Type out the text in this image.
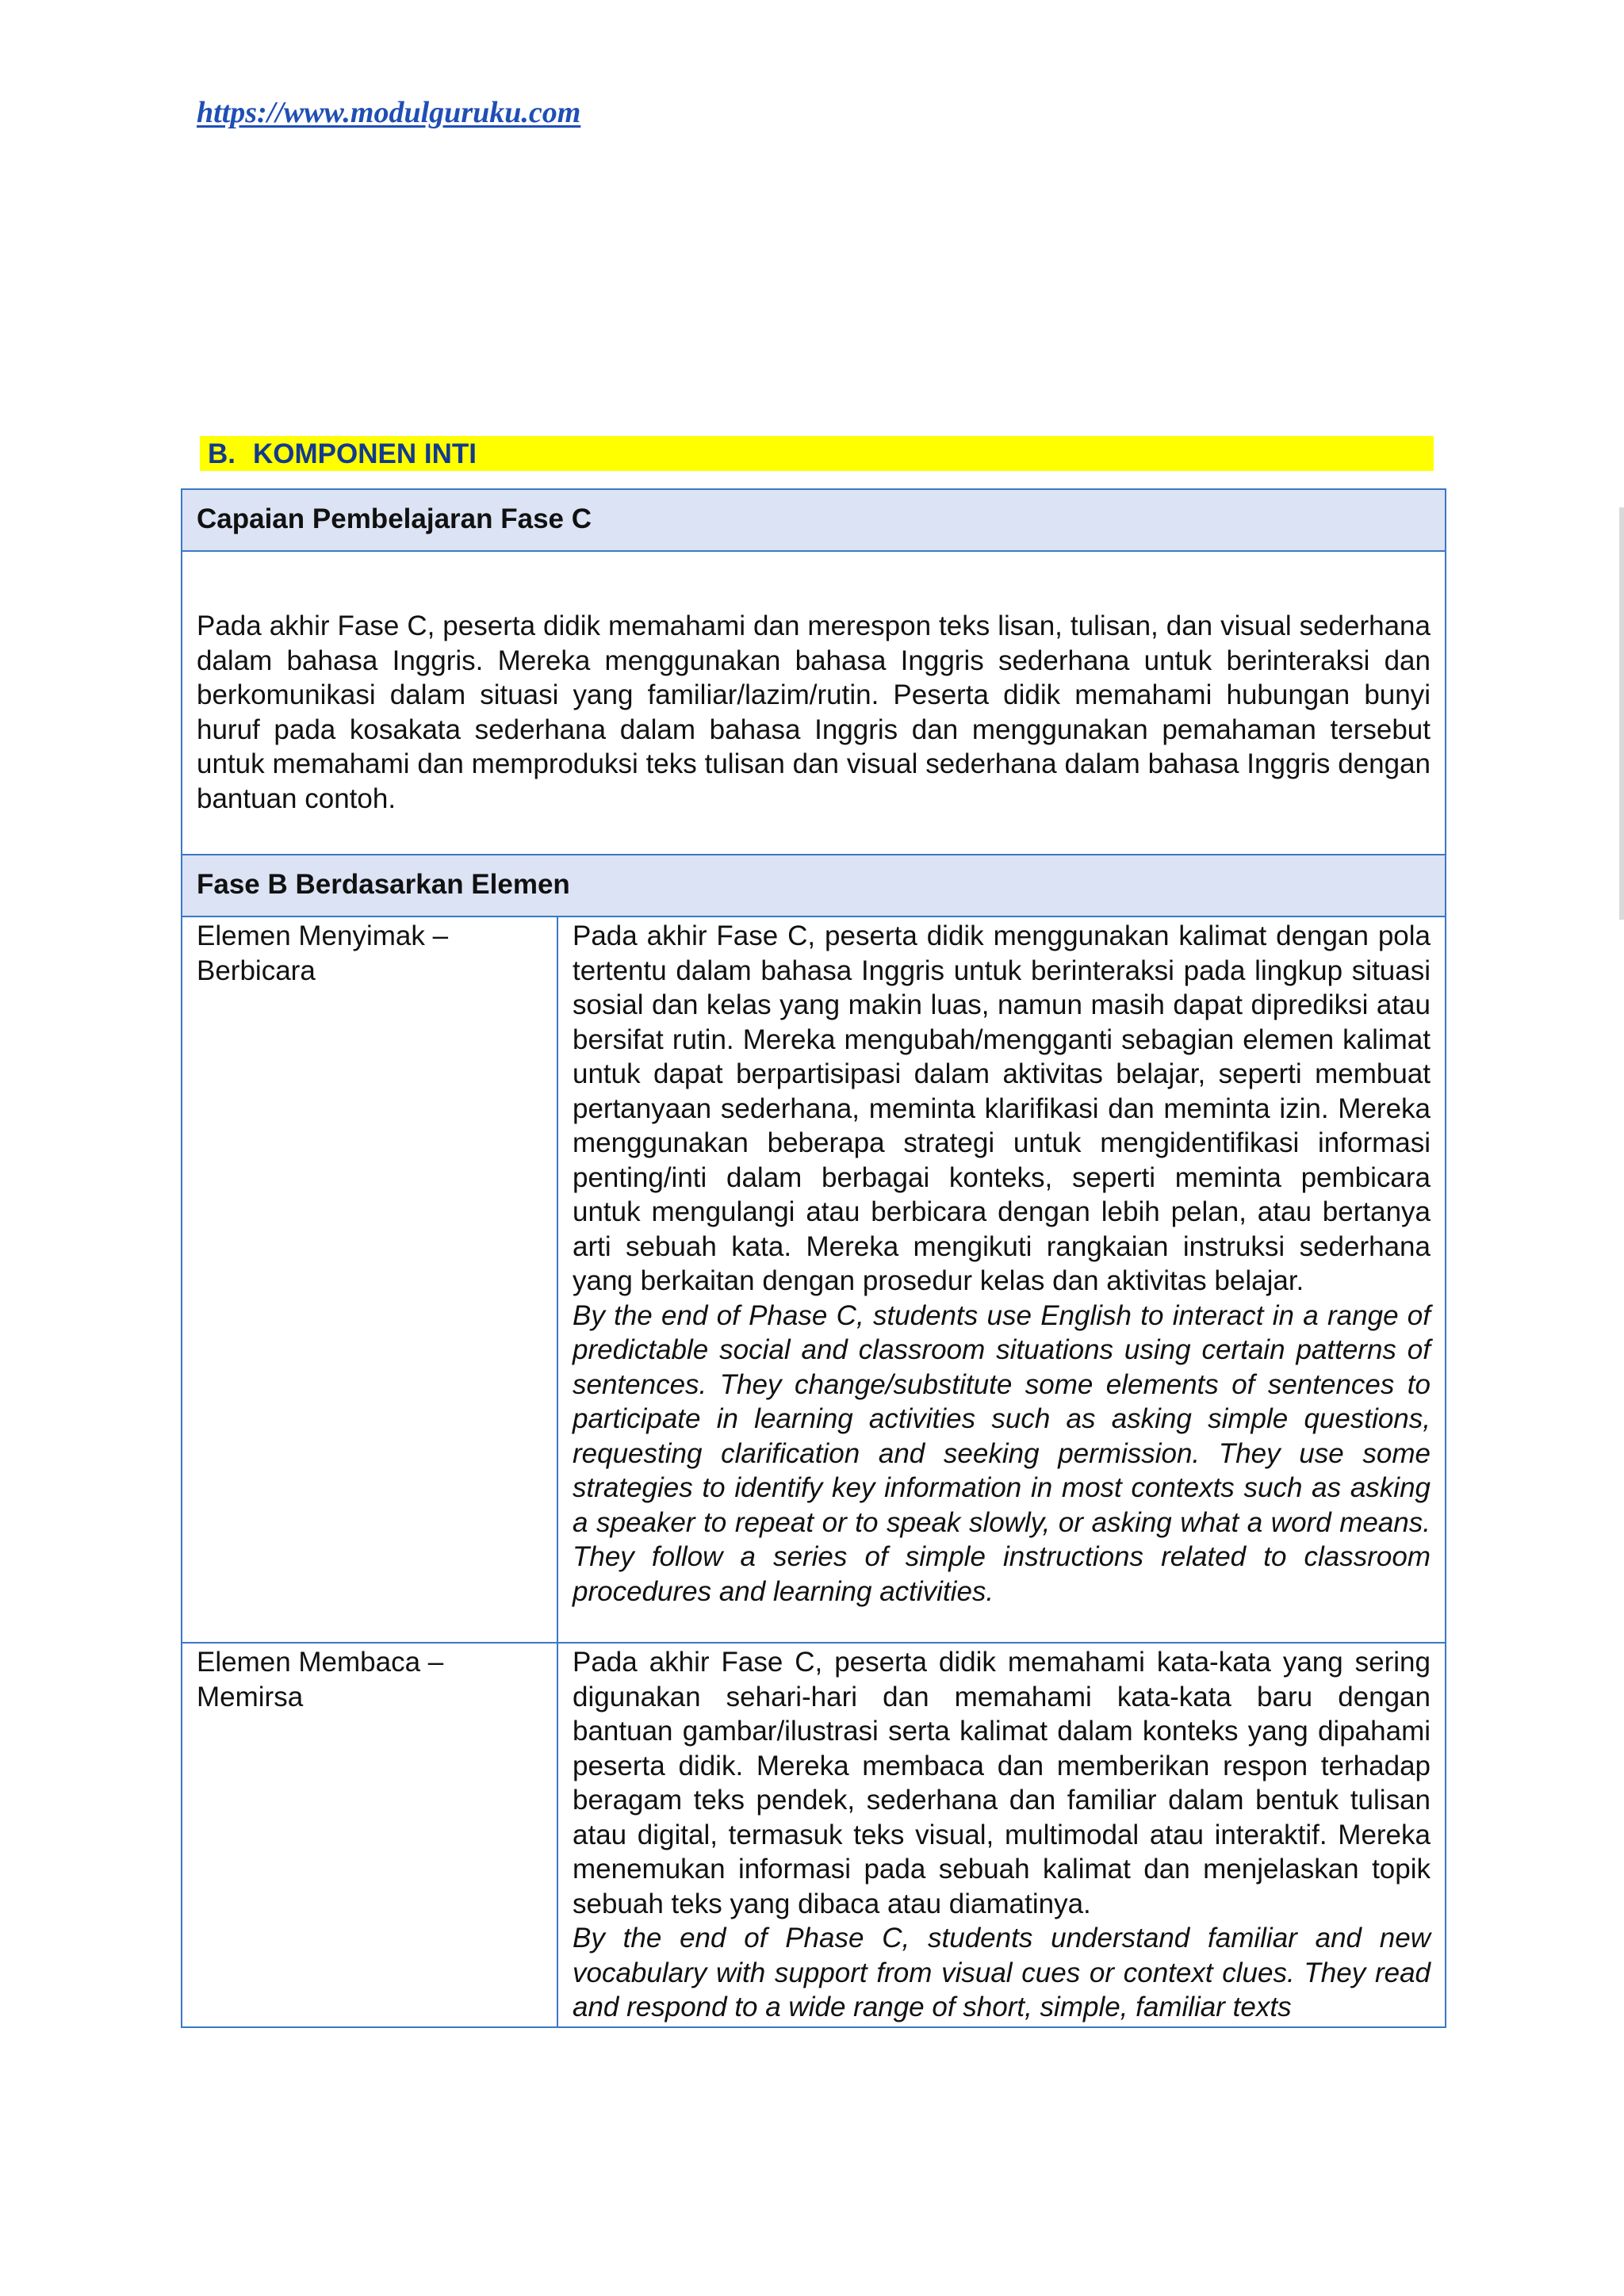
https://www.modulguruku.com
B. KOMPONEN INTI
Capaian Pembelajaran Fase C	
Pada akhir Fase C, peserta didik memahami dan merespon teks lisan, tulisan, dan visual sederhana dalam bahasa Inggris. Mereka menggunakan bahasa Inggris sederhana untuk berinteraksi dan berkomunikasi dalam situasi yang familiar/lazim/rutin. Peserta didik memahami hubungan bunyi huruf pada kosakata sederhana dalam bahasa Inggris dan menggunakan pemahaman tersebut untuk memahami dan memproduksi teks tulisan dan visual sederhana dalam bahasa Inggris dengan bantuan contoh.	
Fase B Berdasarkan Elemen	
Elemen Menyimak – Berbicara	Pada akhir Fase C, peserta didik menggunakan kalimat dengan pola tertentu dalam bahasa Inggris untuk berinteraksi pada lingkup situasi sosial dan kelas yang makin luas, namun masih dapat diprediksi atau bersifat rutin. Mereka mengubah/mengganti sebagian elemen kalimat untuk dapat berpartisipasi dalam aktivitas belajar, seperti membuat pertanyaan sederhana, meminta klarifikasi dan meminta izin. Mereka menggunakan beberapa strategi untuk mengidentifikasi informasi penting/inti dalam berbagai konteks, seperti meminta pembicara untuk mengulangi atau berbicara dengan lebih pelan, atau bertanya arti sebuah kata. Mereka mengikuti rangkaian instruksi sederhana yang berkaitan dengan prosedur kelas dan aktivitas belajar.

By the end of Phase C, students use English to interact in a range of predictable social and classroom situations using certain patterns of sentences. They change/substitute some elements of sentences to participate in learning activities such as asking simple questions, requesting clarification and seeking permission. They use some strategies to identify key information in most contexts such as asking a speaker to repeat or to speak slowly, or asking what a word means. They follow a series of simple instructions related to classroom procedures and learning activities.

Elemen Membaca – Memirsa	Pada akhir Fase C, peserta didik memahami kata-kata yang sering digunakan sehari-hari dan memahami kata-kata baru dengan bantuan gambar/ilustrasi serta kalimat dalam konteks yang dipahami peserta didik. Mereka membaca dan memberikan respon terhadap beragam teks pendek, sederhana dan familiar dalam bentuk tulisan atau digital, termasuk teks visual, multimodal atau interaktif. Mereka menemukan informasi pada sebuah kalimat dan menjelaskan topik sebuah teks yang dibaca atau diamatinya.

By the end of Phase C, students understand familiar and new vocabulary with support from visual cues or context clues. They read and respond to a wide range of short, simple, familiar texts
